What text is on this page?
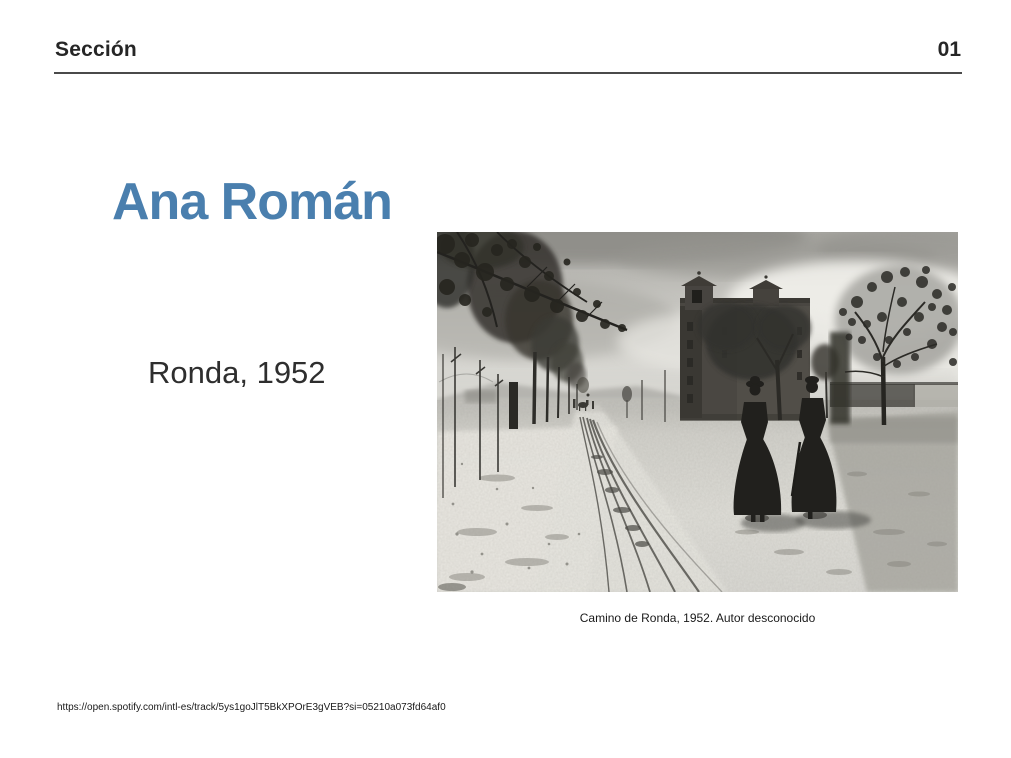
Sección	01
Ana Román
Ronda, 1952
Camino de Ronda, 1952. Autor desconocido
https://open.spotify.com/intl-es/track/5ys1goJlT5BkXPOrE3gVEB?si=05210a073fd64af0
